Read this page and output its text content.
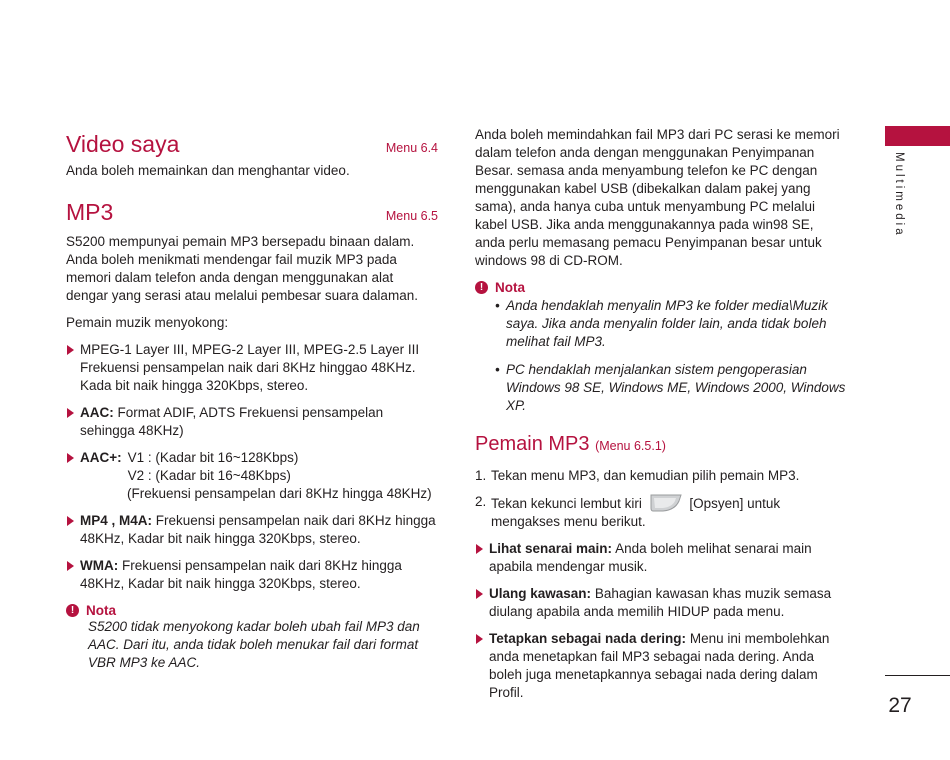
Video saya	Menu 6.4

Anda boleh memainkan dan menghantar video.

MP3	Menu 6.5

S5200 mempunyai pemain MP3 bersepadu binaan dalam. Anda boleh menikmati mendengar fail muzik MP3 pada memori dalam telefon anda dengan menggunakan alat dengar yang serasi atau melalui pembesar suara dalaman.

Pemain muzik menyokong:

MPEG-1 Layer III, MPEG-2 Layer III, MPEG-2.5 Layer III Frekuensi pensampelan naik dari 8KHz hinggao 48KHz. Kada bit naik hingga 320Kbps, stereo.
AAC: Format ADIF, ADTS Frekuensi pensampelan sehingga 48KHz)
AAC+: V1 : (Kadar bit 16~128Kbps)
V2 : (Kadar bit 16~48Kbps)
(Frekuensi pensampelan dari 8KHz hingga 48KHz)
MP4 , M4A: Frekuensi pensampelan naik dari 8KHz hingga 48KHz, Kadar bit naik hingga 320Kbps, stereo.
WMA: Frekuensi pensampelan naik dari 8KHz hingga 48KHz, Kadar bit naik hingga 320Kbps, stereo.
! Nota
S5200 tidak menyokong kadar boleh ubah fail MP3 dan AAC. Dari itu, anda tidak boleh menukar fail dari format VBR MP3 ke AAC.

Anda boleh memindahkan fail MP3 dari PC serasi ke memori dalam telefon anda dengan menggunakan Penyimpanan Besar. semasa anda menyambung telefon ke PC dengan menggunakan kabel USB (dibekalkan dalam pakej yang sama), anda hanya cuba untuk menyambung PC melalui kabel USB. Jika anda menggunakannya pada win98 SE, anda perlu memasang pemacu Penyimpanan besar untuk windows 98 di CD-ROM.

! Nota
• Anda hendaklah menyalin MP3 ke folder media\Muzik saya. Jika anda menyalin folder lain, anda tidak boleh melihat fail MP3.
• PC hendaklah menjalankan sistem pengoperasian Windows 98 SE, Windows ME, Windows 2000, Windows XP.
Pemain MP3 (Menu 6.5.1)
1. Tekan menu MP3, dan kemudian pilih pemain MP3.
2. Tekan kekunci lembut kiri	[Opsyen] untuk mengakses menu berikut.
Lihat senarai main: Anda boleh melihat senarai main apabila mendengar musik.
Ulang kawasan: Bahagian kawasan khas muzik semasa diulang apabila anda memilih HIDUP pada menu.
Tetapkan sebagai nada dering: Menu ini membolehkan anda menetapkan fail MP3 sebagai nada dering. Anda boleh juga menetapkannya sebagai nada dering dalam Profil.
Multimedia
27
